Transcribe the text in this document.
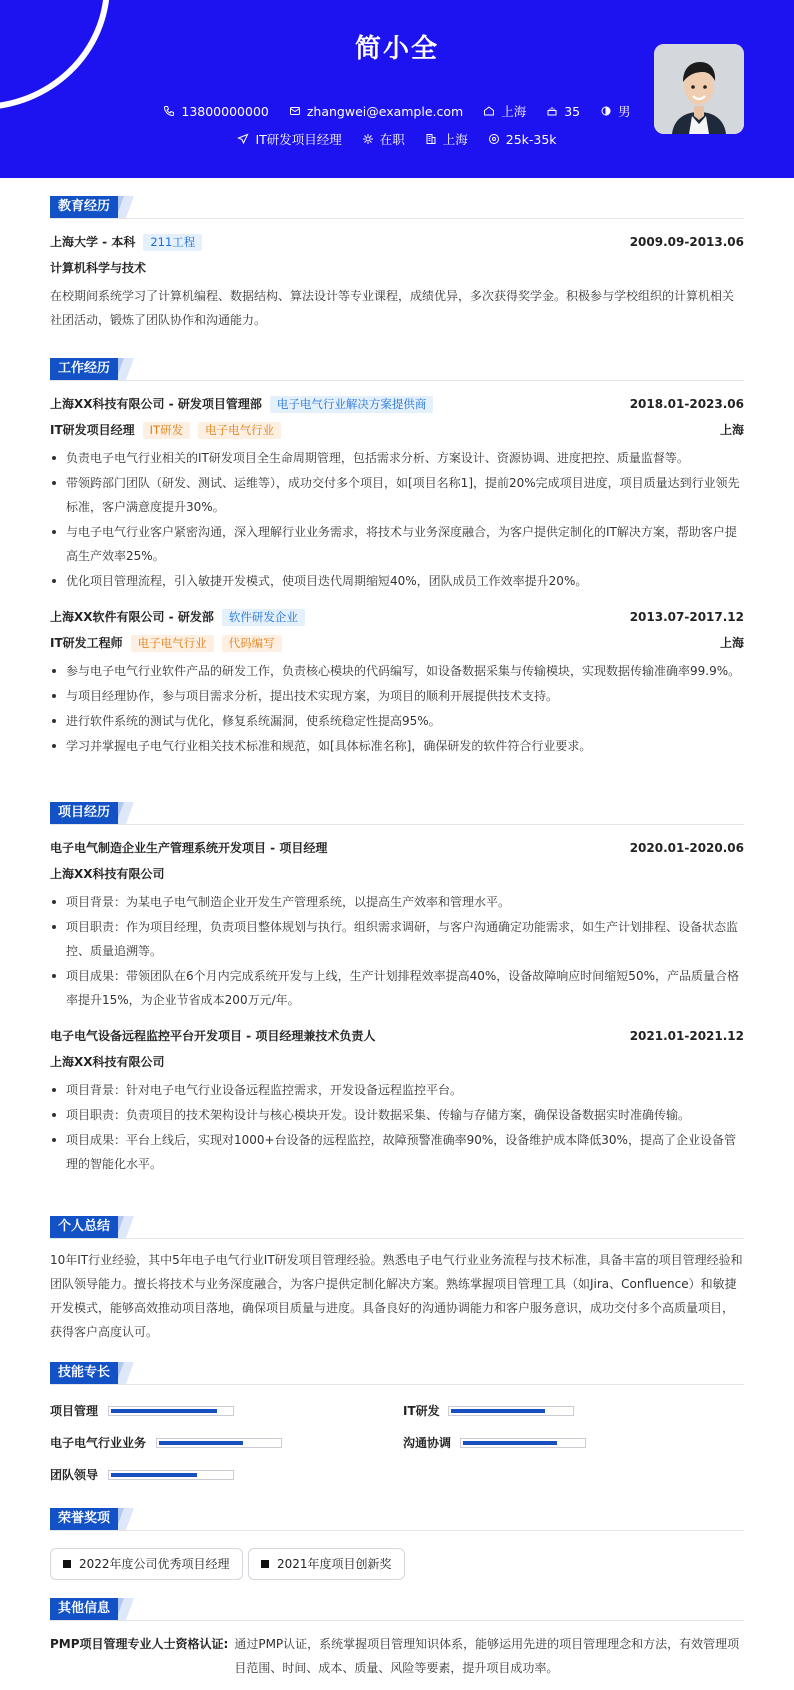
简小全
13800000000
	zhangwei@example.com
	上海
	35
	男
IT研发项目经理
	在职
	上海
	25k-35k
教育经历
上海大学 - 本科 211工程	2009.09-2013.06
计算机科学与技术
在校期间系统学习了计算机编程、数据结构、算法设计等专业课程，成绩优异，多次获得奖学金。积极参与学校组织的计算机相关社团活动，锻炼了团队协作和沟通能力。
工作经历
上海XX科技有限公司 - 研发项目管理部 电子电气行业解决方案提供商	2018.01-2023.06
IT研发项目经理 IT研发 电子电气行业	上海
负责电子电气行业相关的IT研发项目全生命周期管理，包括需求分析、方案设计、资源协调、进度把控、质量监督等。
带领跨部门团队（研发、测试、运维等），成功交付多个项目，如[项目名称1]，提前20%完成项目进度，项目质量达到行业领先标准，客户满意度提升30%。
与电子电气行业客户紧密沟通，深入理解行业业务需求，将技术与业务深度融合，为客户提供定制化的IT解决方案，帮助客户提高生产效率25%。
优化项目管理流程，引入敏捷开发模式，使项目迭代周期缩短40%，团队成员工作效率提升20%。
上海XX软件有限公司 - 研发部 软件研发企业	2013.07-2017.12
IT研发工程师 电子电气行业 代码编写	上海
参与电子电气行业软件产品的研发工作，负责核心模块的代码编写，如设备数据采集与传输模块，实现数据传输准确率99.9%。
与项目经理协作，参与项目需求分析，提出技术实现方案，为项目的顺利开展提供技术支持。
进行软件系统的测试与优化，修复系统漏洞，使系统稳定性提高95%。
学习并掌握电子电气行业相关技术标准和规范，如[具体标准名称]，确保研发的软件符合行业要求。
项目经历
电子电气制造企业生产管理系统开发项目 - 项目经理	2020.01-2020.06
上海XX科技有限公司
项目背景：为某电子电气制造企业开发生产管理系统，以提高生产效率和管理水平。
项目职责：作为项目经理，负责项目整体规划与执行。组织需求调研，与客户沟通确定功能需求，如生产计划排程、设备状态监控、质量追溯等。
项目成果：带领团队在6个月内完成系统开发与上线，生产计划排程效率提高40%，设备故障响应时间缩短50%，产品质量合格率提升15%，为企业节省成本200万元/年。
电子电气设备远程监控平台开发项目 - 项目经理兼技术负责人	2021.01-2021.12
上海XX科技有限公司
项目背景：针对电子电气行业设备远程监控需求，开发设备远程监控平台。
项目职责：负责项目的技术架构设计与核心模块开发。设计数据采集、传输与存储方案，确保设备数据实时准确传输。
项目成果：平台上线后，实现对1000+台设备的远程监控，故障预警准确率90%，设备维护成本降低30%，提高了企业设备管理的智能化水平。
个人总结
10年IT行业经验，其中5年电子电气行业IT研发项目管理经验。熟悉电子电气行业业务流程与技术标准，具备丰富的项目管理经验和团队领导能力。擅长将技术与业务深度融合，为客户提供定制化解决方案。熟练掌握项目管理工具（如Jira、Confluence）和敏捷开发模式，能够高效推动项目落地，确保项目质量与进度。具备良好的沟通协调能力和客户服务意识，成功交付多个高质量项目，获得客户高度认可。
技能专长
项目管理	IT研发
电子电气行业业务	沟通协调
团队领导
荣誉奖项
2022年度公司优秀项目经理	2021年度项目创新奖
其他信息
PMP项目管理专业人士资格认证: 通过PMP认证，系统掌握项目管理知识体系，能够运用先进的项目管理理念和方法，有效管理项目范围、时间、成本、质量、风险等要素，提升项目成功率。
